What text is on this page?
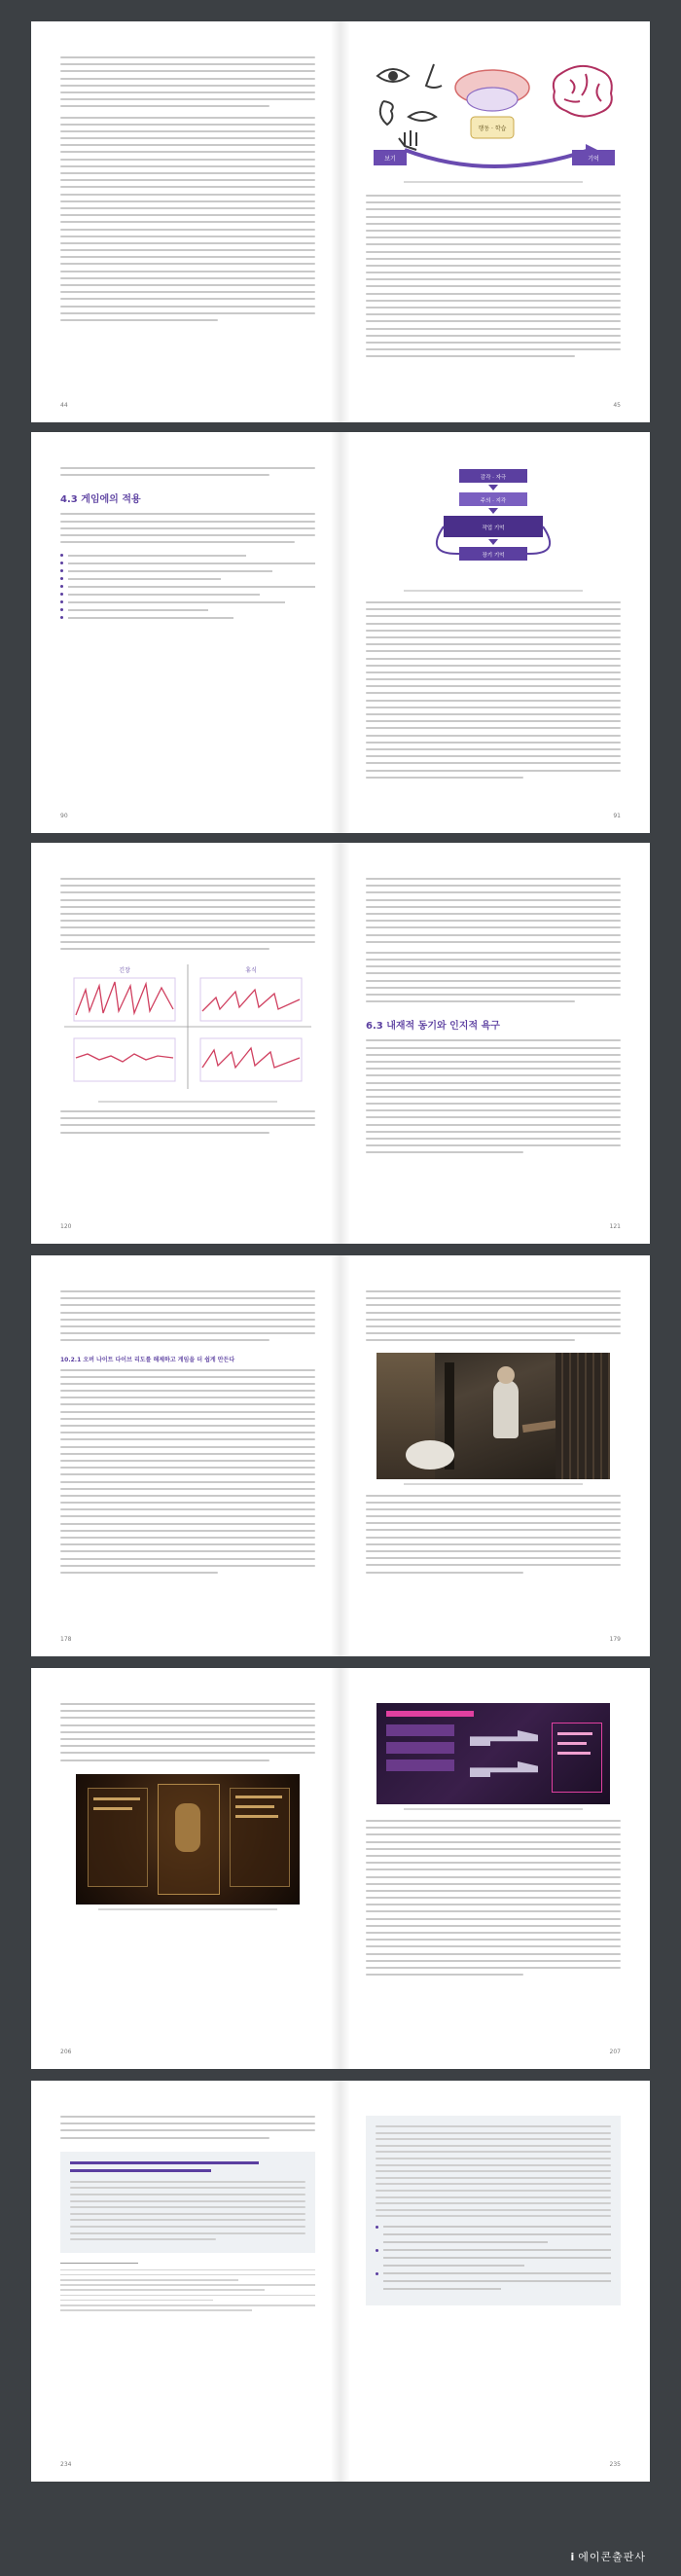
44
행동 · 학습
보기	기억
45
4.3 게임에의 적용
90
감각 · 자극
주의 · 지각
작업 기억
장기 기억
91
긴장	휴식
120
6.3 내재적 동기와 인지적 욕구
121
10.2.1 오버 나이트 다이브 리도를 해제하고 게임을 더 쉽게 만든다
178	179
206	207
234	235
i 에이콘출판사
